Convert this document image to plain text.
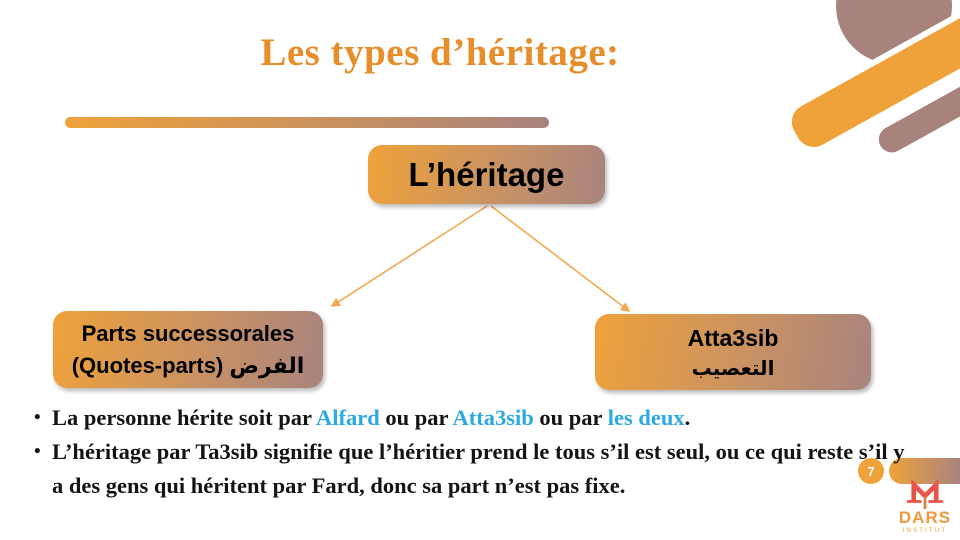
Les types d’héritage:
L’héritage
Parts successorales
(Quotes-parts) الفرض
Atta3sib
التعصيب
7
• La personne hérite soit par Alfard ou par Atta3sib ou par les deux.
• L’héritage par Ta3sib signifie que l’héritier prend le tous s’il est seul, ou ce qui reste s’il y a des gens qui héritent par Fard, donc sa part n’est pas fixe.
DARS
INSTITUT
